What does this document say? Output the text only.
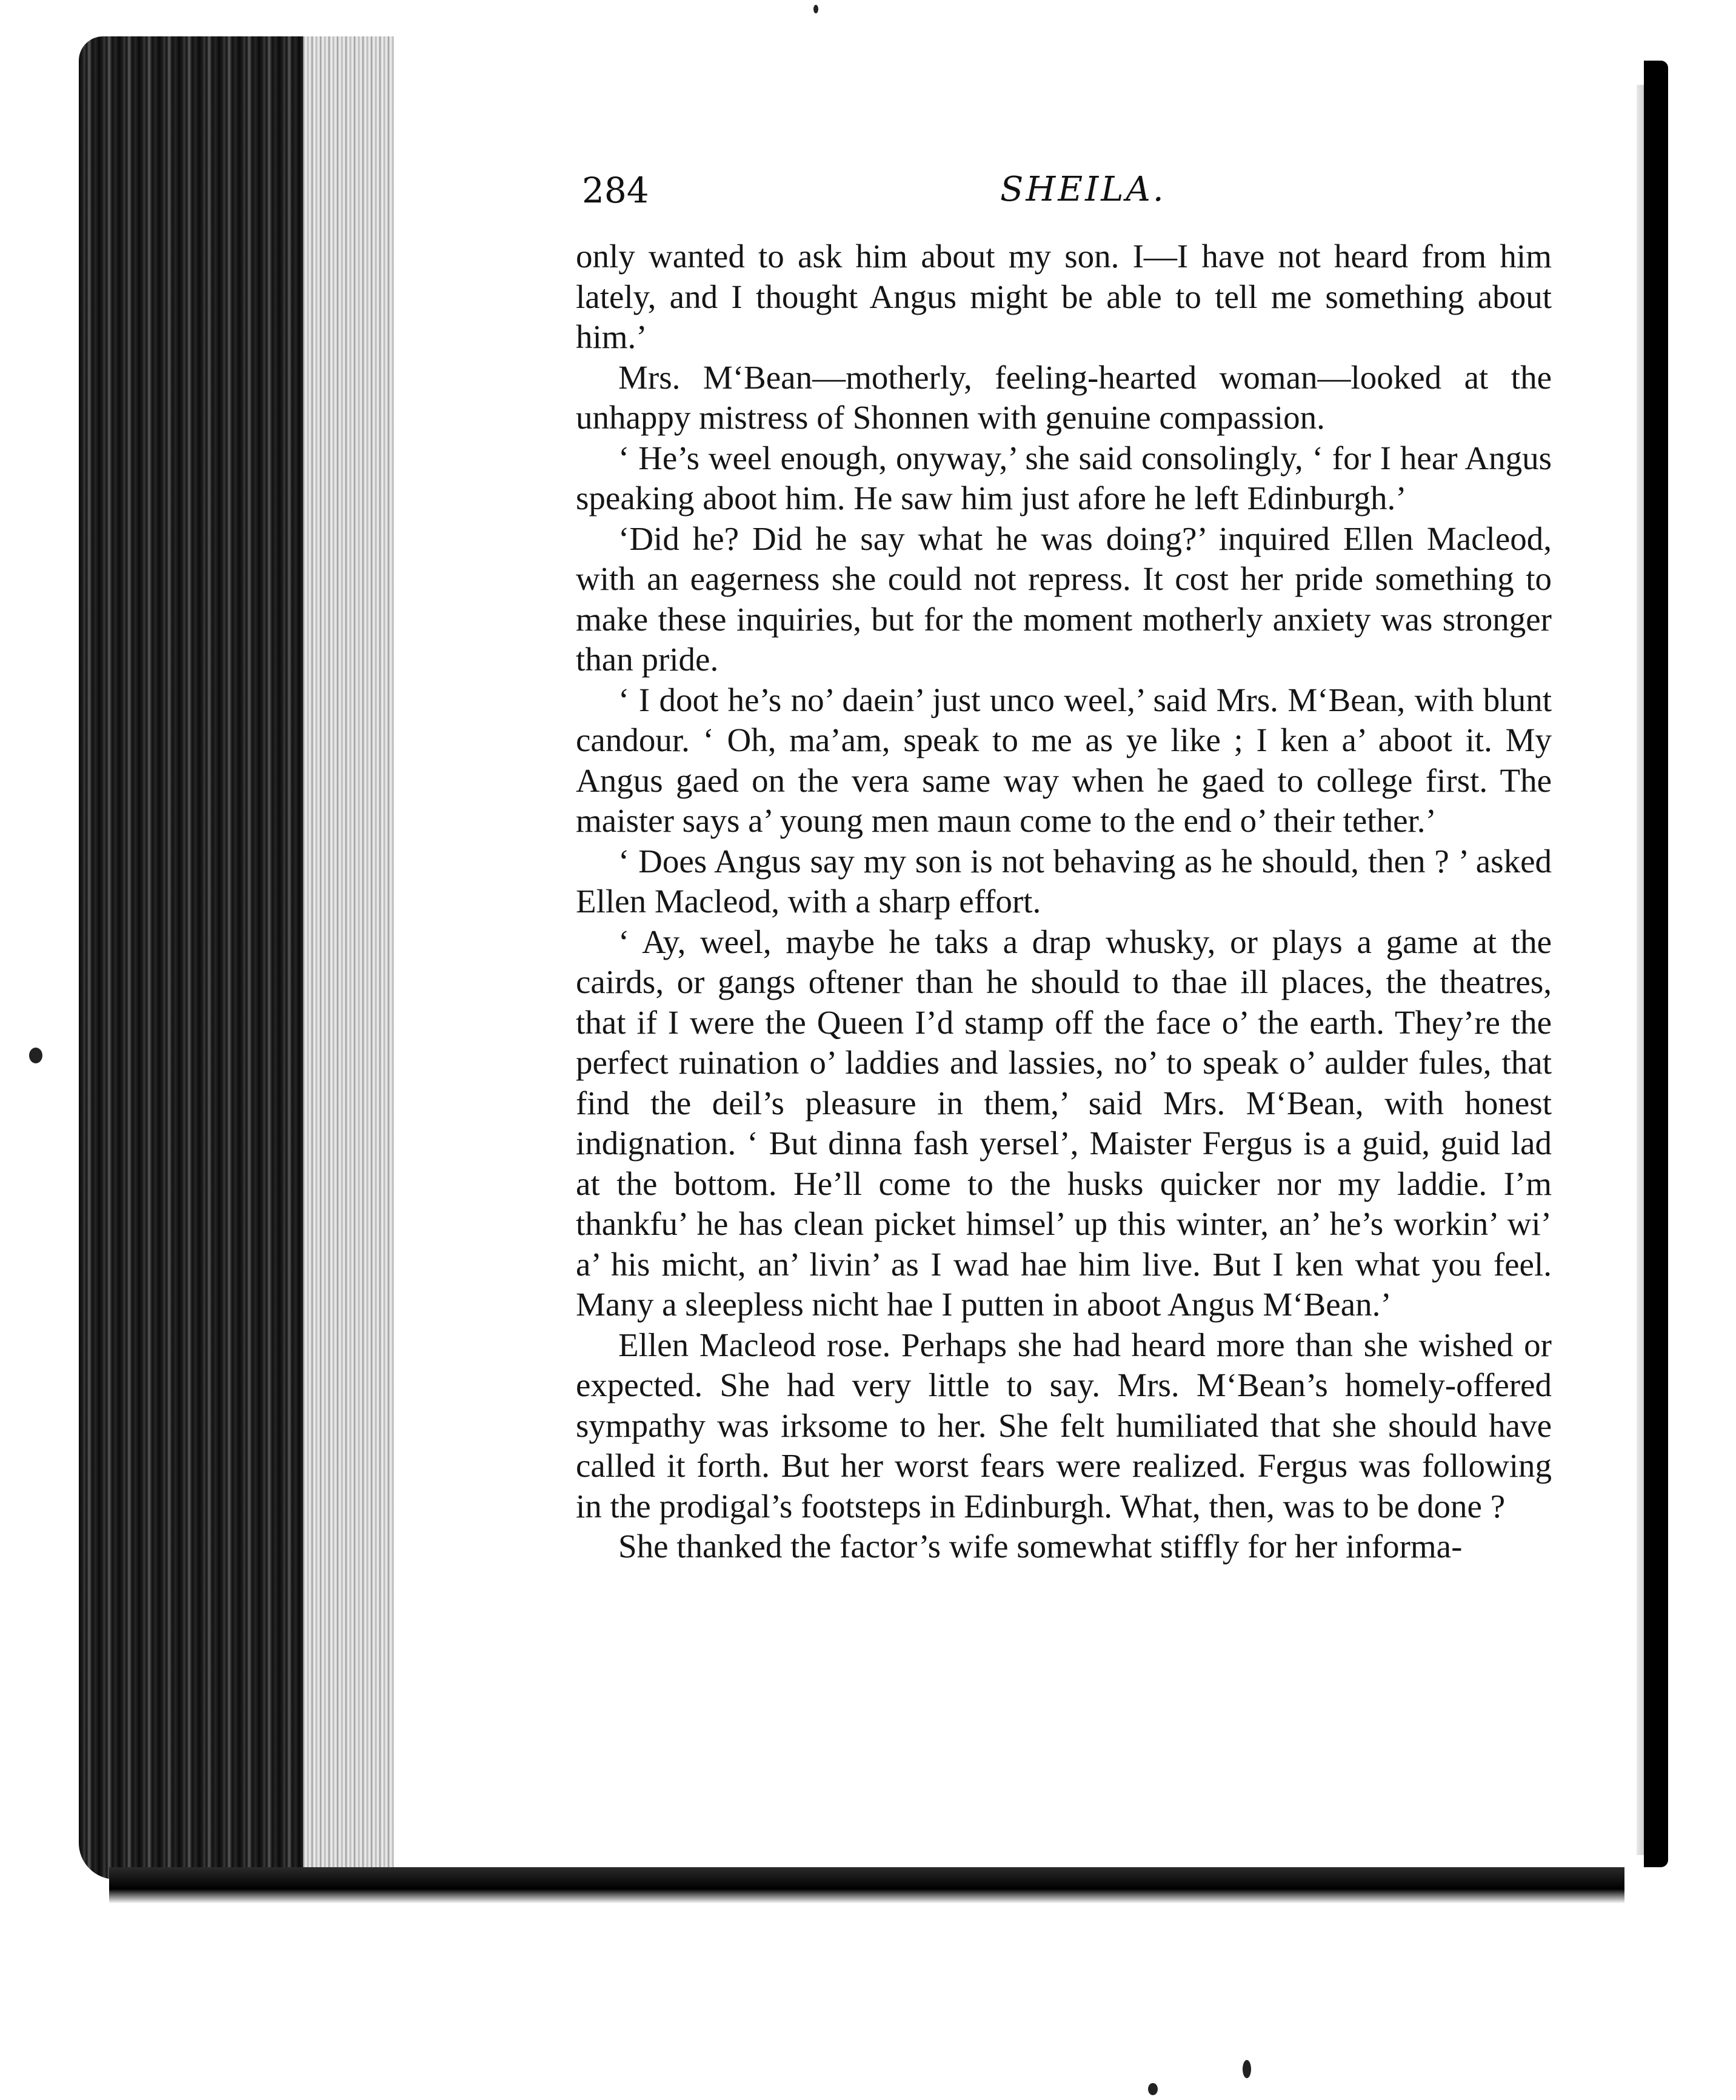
284	SHEILA.

only wanted to ask him about my son. I—I have not heard from him lately, and I thought Angus might be able to tell me something about him.’

Mrs. M‘Bean—motherly, feeling-hearted woman—looked at the unhappy mistress of Shonnen with genuine compassion.

‘ He’s weel enough, onyway,’ she said consolingly, ‘ for I hear Angus speaking aboot him. He saw him just afore he left Edinburgh.’

‘Did he? Did he say what he was doing?’ inquired Ellen Macleod, with an eagerness she could not repress. It cost her pride something to make these inquiries, but for the moment motherly anxiety was stronger than pride.

‘ I doot he’s no’ daein’ just unco weel,’ said Mrs. M‘Bean, with blunt candour. ‘ Oh, ma’am, speak to me as ye like ; I ken a’ aboot it. My Angus gaed on the vera same way when he gaed to college first. The maister says a’ young men maun come to the end o’ their tether.’

‘ Does Angus say my son is not behaving as he should, then ? ’ asked Ellen Macleod, with a sharp effort.

‘ Ay, weel, maybe he taks a drap whusky, or plays a game at the cairds, or gangs oftener than he should to thae ill places, the theatres, that if I were the Queen I’d stamp off the face o’ the earth. They’re the perfect ruination o’ laddies and lassies, no’ to speak o’ aulder fules, that find the deil’s pleasure in them,’ said Mrs. M‘Bean, with honest indignation. ‘ But dinna fash yersel’, Maister Fergus is a guid, guid lad at the bottom. He’ll come to the husks quicker nor my laddie. I’m thankfu’ he has clean picket himsel’ up this winter, an’ he’s workin’ wi’ a’ his micht, an’ livin’ as I wad hae him live. But I ken what you feel. Many a sleepless nicht hae I putten in aboot Angus M‘Bean.’

Ellen Macleod rose. Perhaps she had heard more than she wished or expected. She had very little to say. Mrs. M‘Bean’s homely-offered sympathy was irksome to her. She felt humiliated that she should have called it forth. But her worst fears were realized. Fergus was following in the prodigal’s footsteps in Edinburgh. What, then, was to be done ?

She thanked the factor’s wife somewhat stiffly for her informa-
